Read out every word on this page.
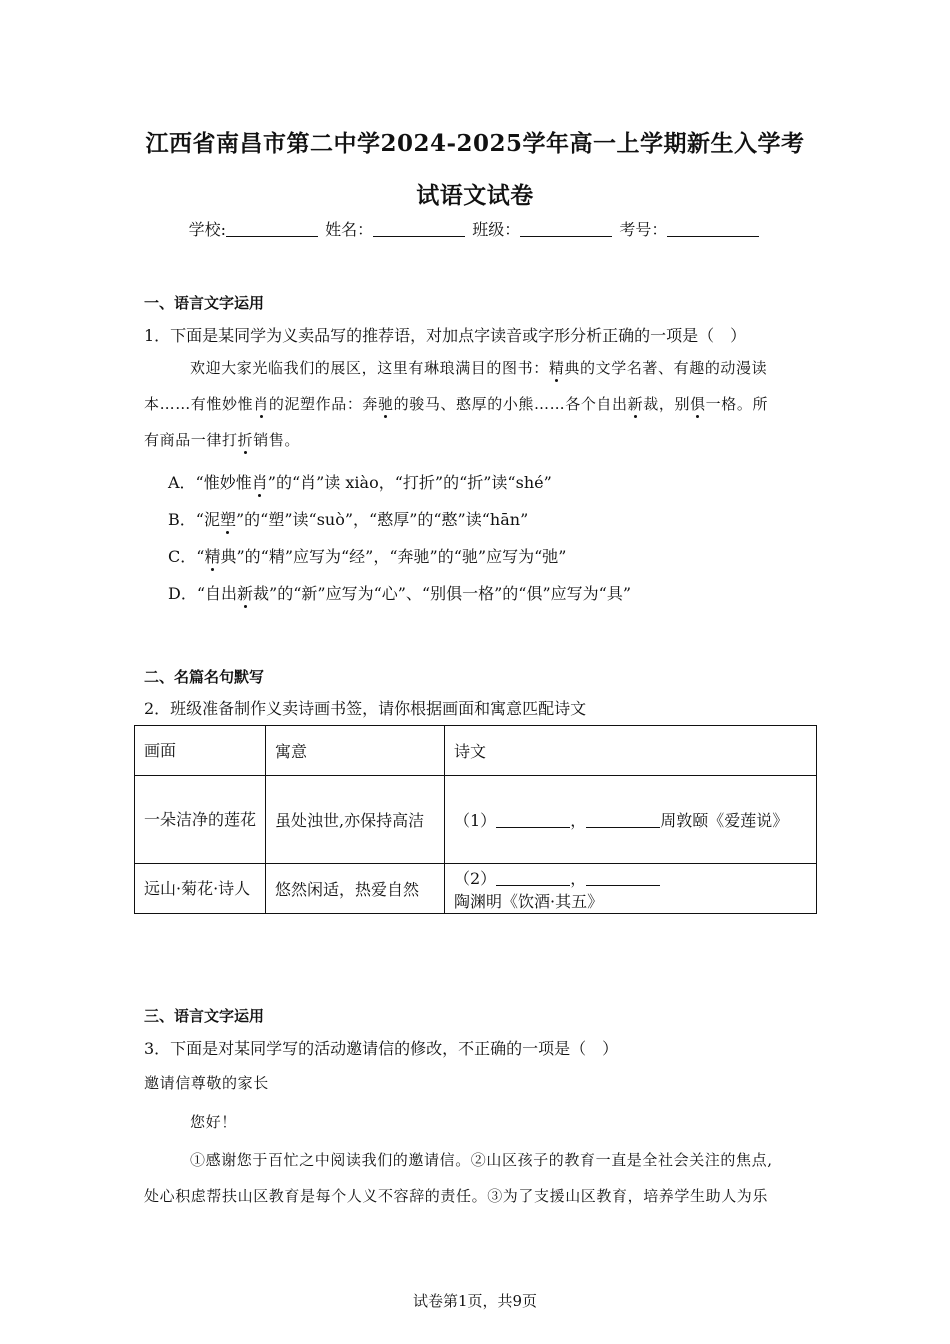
江西省南昌市第二中学2024-2025学年高一上学期新生入学考
试语文试卷
学校:	姓名：	班级：	考号：
一、语言文字运用
1．下面是某同学为义卖品写的推荐语，对加点字读音或字形分析正确的一项是（　）
欢迎大家光临我们的展区，这里有琳琅满目的图书：精典的文学名著、有趣的动漫读
本……有惟妙惟肖的泥塑作品：奔驰的骏马、憨厚的小熊……各个自出新裁，别俱一格。所
有商品一律打折销售。
A．“惟妙惟肖”的“肖”读 xiào，“打折”的“折”读“shé”
B．“泥塑”的“塑”读“suò”，“憨厚”的“憨”读“hān”
C．“精典”的“精”应写为“经”，“奔驰”的“驰”应写为“弛”
D．“自出新裁”的“新”应写为“心”、“别俱一格”的“俱”应写为“具”
二、名篇名句默写
2．班级准备制作义卖诗画书签，请你根据画面和寓意匹配诗文
画面	寓意	诗文
一朵洁净的莲花	虽处浊世,亦保持高洁	（1） ， 周敦颐《爱莲说》
远山·菊花·诗人	悠然闲适，热爱自然	（2） ，陶渊明《饮酒·其五》
三、语言文字运用
3．下面是对某同学写的活动邀请信的修改，不正确的一项是（　）
邀请信尊敬的家长
您好！
①感谢您于百忙之中阅读我们的邀请信。②山区孩子的教育一直是全社会关注的焦点,
处心积虑帮扶山区教育是每个人义不容辞的责任。③为了支援山区教育，培养学生助人为乐
试卷第1页，共9页
